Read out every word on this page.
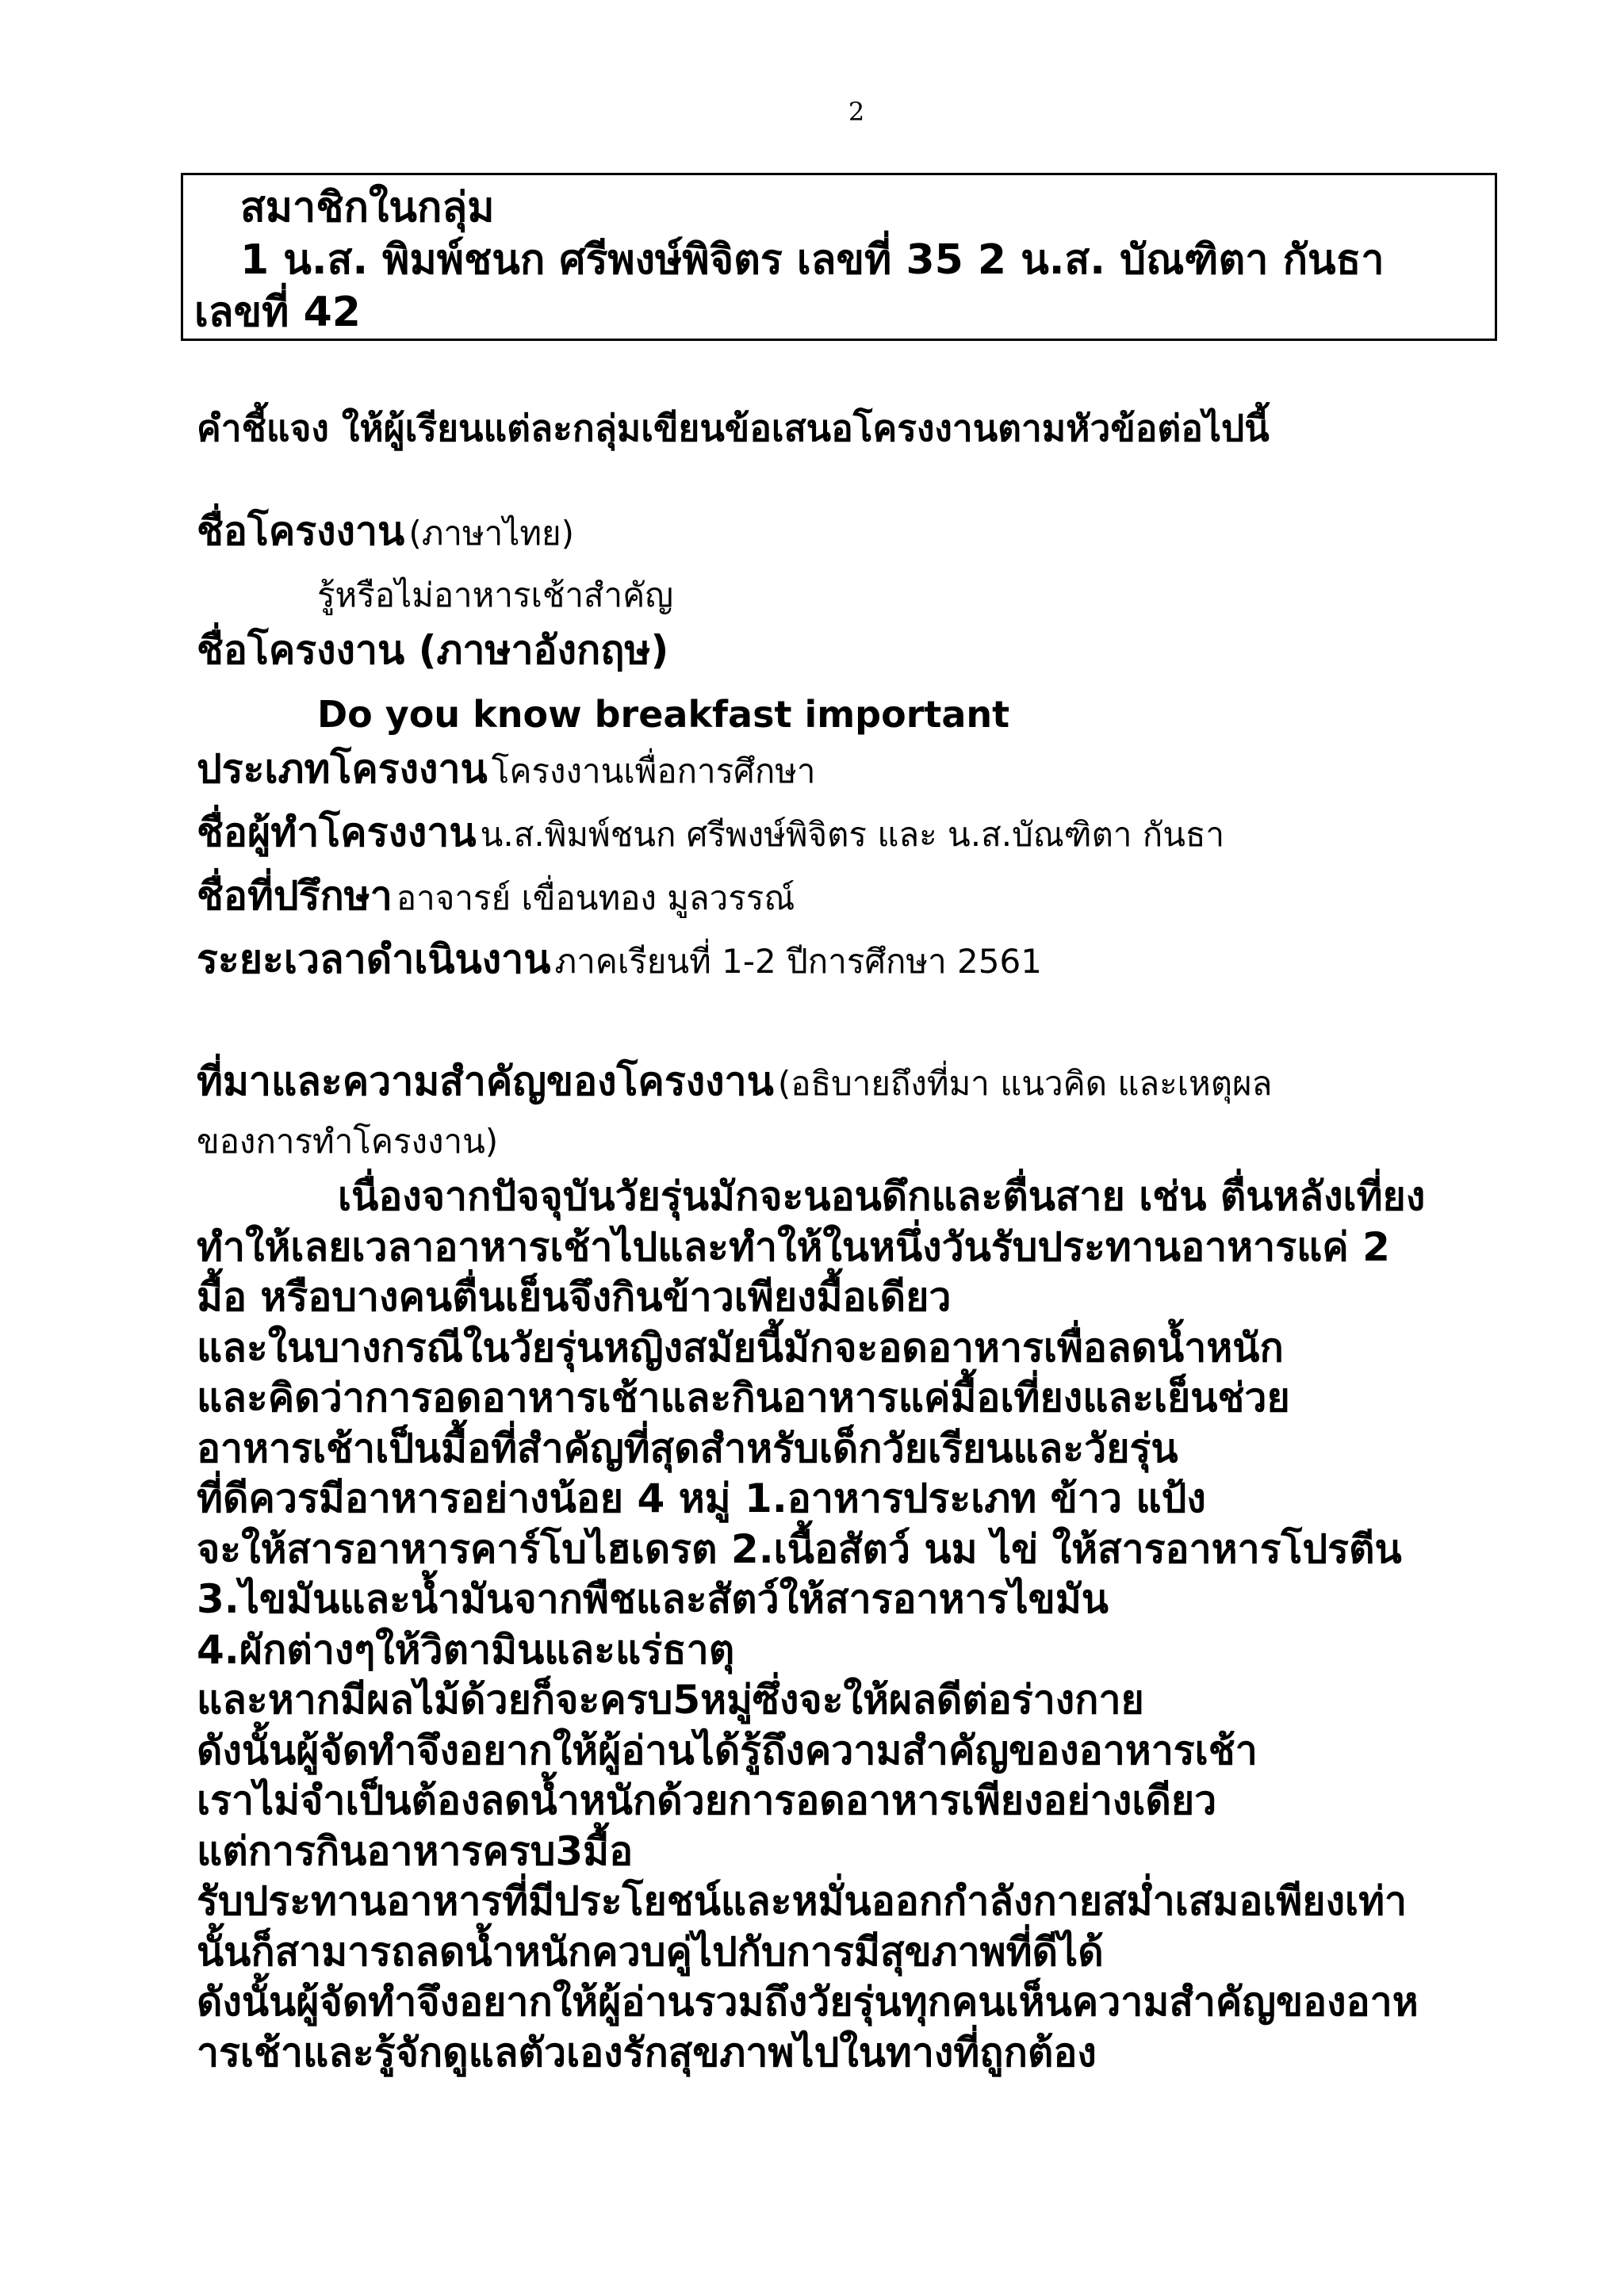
2
สมาชิกในกลุ่ม
1 น.ส. พิมพ์ชนก ศรีพงษ์พิจิตร เลขที่ 35 2 น.ส. บัณฑิตา กันธา
เลขที่ 42
คำชี้แจง ให้ผู้เรียนแต่ละกลุ่มเขียนข้อเสนอโครงงานตามหัวข้อต่อไปนี้
ชื่อโครงงาน (ภาษาไทย)
รู้หรือไม่อาหารเช้าสำคัญ
ชื่อโครงงาน (ภาษาอังกฤษ)
Do you know breakfast important
ประเภทโครงงาน โครงงานเพื่อการศึกษา
ชื่อผู้ทำโครงงาน น.ส.พิมพ์ชนก ศรีพงษ์พิจิตร และ น.ส.บัณฑิตา กันธา
ชื่อที่ปรึกษา อาจารย์ เขื่อนทอง มูลวรรณ์
ระยะเวลาดำเนินงาน ภาคเรียนที่ 1-2 ปีการศึกษา 2561
ที่มาและความสำคัญของโครงงาน (อธิบายถึงที่มา แนวคิด และเหตุผล
ของการทำโครงงาน)
เนื่องจากปัจจุบันวัยรุ่นมักจะนอนดึกและตื่นสาย เช่น ตื่นหลังเที่ยง
ทำให้เลยเวลาอาหารเช้าไปและทำให้ในหนึ่งวันรับประทานอาหารแค่ 2
มื้อ หรือบางคนตื่นเย็นจึงกินข้าวเพียงมื้อเดียว
และในบางกรณีในวัยรุ่นหญิงสมัยนี้มักจะอดอาหารเพื่อลดน้ำหนัก
และคิดว่าการอดอาหารเช้าและกินอาหารแค่มื้อเที่ยงและเย็นช่วย
อาหารเช้าเป็นมื้อที่สำคัญที่สุดสำหรับเด็กวัยเรียนและวัยรุ่น
ที่ดีควรมีอาหารอย่างน้อย 4 หมู่ 1.อาหารประเภท ข้าว แป้ง
จะให้สารอาหารคาร์โบไฮเดรต 2.เนื้อสัตว์ นม ไข่ ให้สารอาหารโปรตีน
3.ไขมันและน้ำมันจากพืชและสัตว์ให้สารอาหารไขมัน
4.ผักต่างๆให้วิตามินและแร่ธาตุ
และหากมีผลไม้ด้วยก็จะครบ5หมู่ซึ่งจะให้ผลดีต่อร่างกาย
ดังนั้นผู้จัดทำจึงอยากให้ผู้อ่านได้รู้ถึงความสำคัญของอาหารเช้า
เราไม่จำเป็นต้องลดน้ำหนักด้วยการอดอาหารเพียงอย่างเดียว
แต่การกินอาหารครบ3มื้อ
รับประทานอาหารที่มีประโยชน์และหมั่นออกกำลังกายสม่ำเสมอเพียงเท่า
นั้นก็สามารถลดน้ำหนักควบคู่ไปกับการมีสุขภาพที่ดีได้
ดังนั้นผู้จัดทำจึงอยากให้ผู้อ่านรวมถึงวัยรุ่นทุกคนเห็นความสำคัญของอาห
ารเช้าและรู้จักดูแลตัวเองรักสุขภาพไปในทางที่ถูกต้อง
